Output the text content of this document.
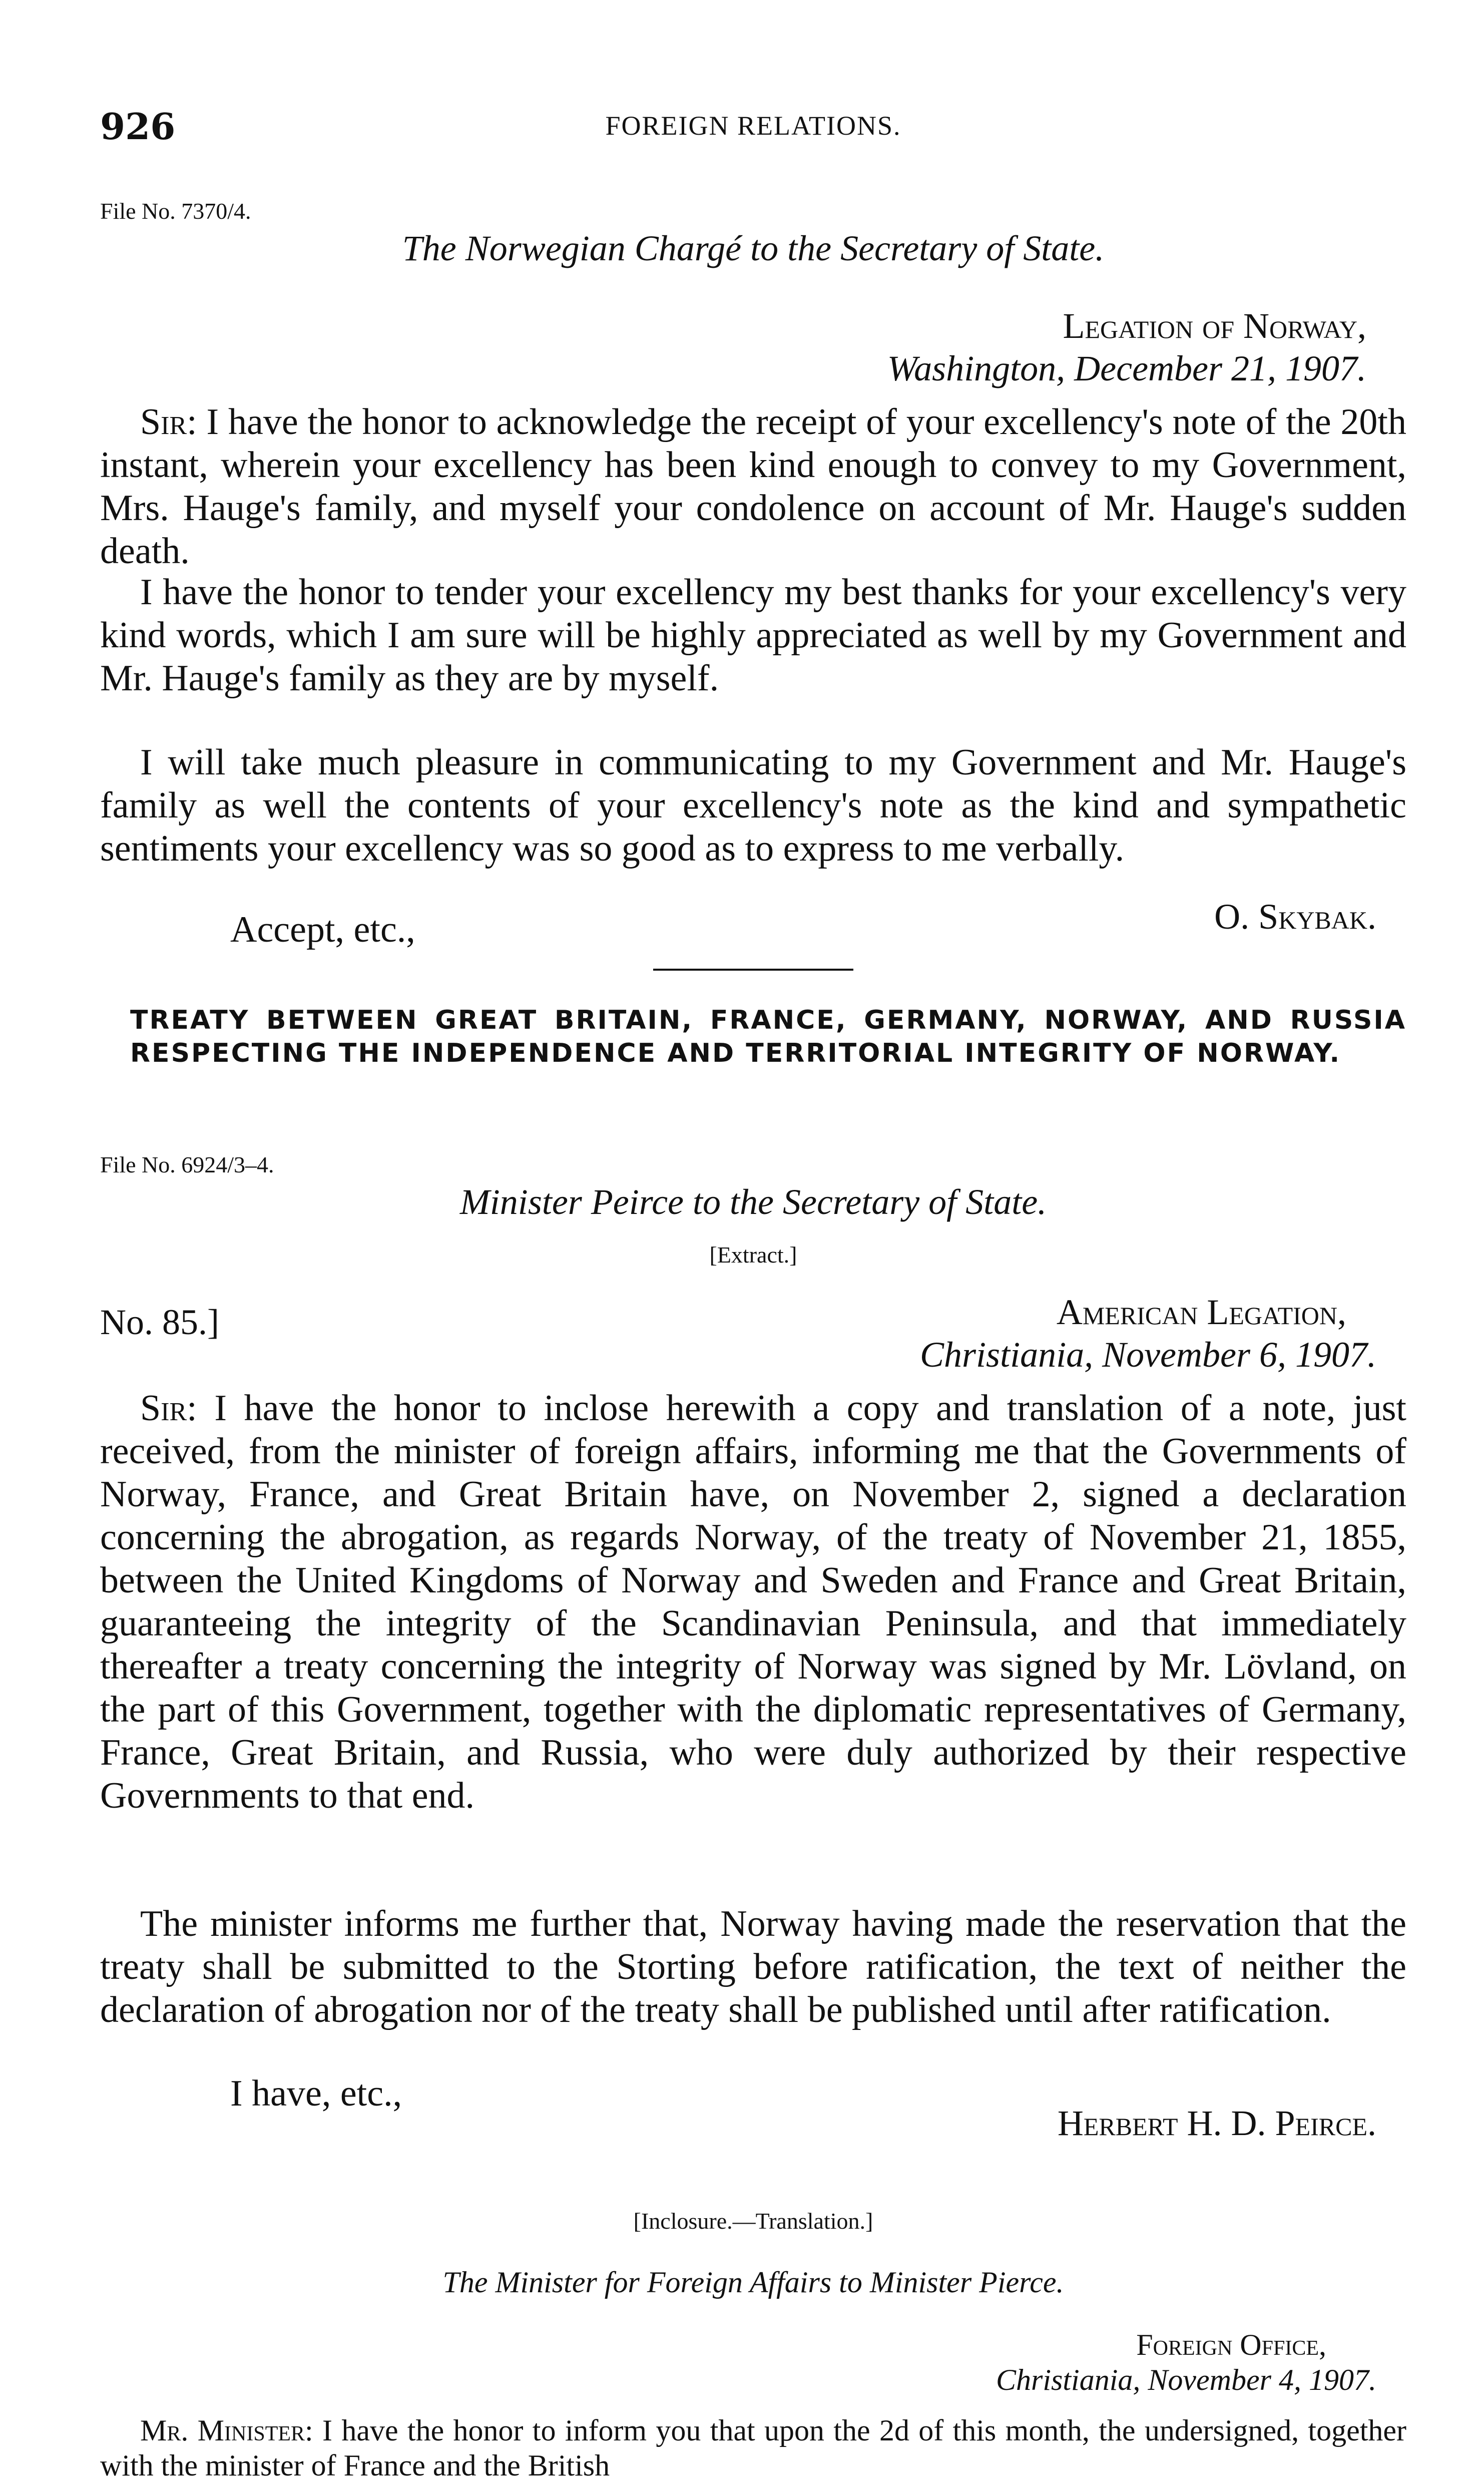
926	FOREIGN RELATIONS.
File No. 7370/4.
The Norwegian Chargé to the Secretary of State.
Legation of Norway,
Washington, December 21, 1907.

Sir: I have the honor to acknowledge the receipt of your excellency's note of the 20th instant, wherein your excellency has been kind enough to convey to my Government, Mrs. Hauge's family, and myself your condolence on account of Mr. Hauge's sudden death.

I have the honor to tender your excellency my best thanks for your excellency's very kind words, which I am sure will be highly appreciated as well by my Government and Mr. Hauge's family as they are by myself.

I will take much pleasure in communicating to my Government and Mr. Hauge's family as well the contents of your excellency's note as the kind and sympathetic sentiments your excellency was so good as to express to me verbally.

Accept, etc.,	O. Skybak.

TREATY BETWEEN GREAT BRITAIN, FRANCE, GERMANY, NORWAY, AND RUSSIA RESPECTING THE INDEPENDENCE AND TERRITORIAL INTEGRITY OF NORWAY.

File No. 6924/3–4.
Minister Peirce to the Secretary of State.
[Extract.]
No. 85.]	American Legation,
Christiania, November 6, 1907.

Sir: I have the honor to inclose herewith a copy and translation of a note, just received, from the minister of foreign affairs, informing me that the Governments of Norway, France, and Great Britain have, on November 2, signed a declaration concerning the abrogation, as regards Norway, of the treaty of November 21, 1855, between the United Kingdoms of Norway and Sweden and France and Great Britain, guaranteeing the integrity of the Scandinavian Peninsula, and that immediately thereafter a treaty concerning the integrity of Norway was signed by Mr. Lövland, on the part of this Government, together with the diplomatic representatives of Germany, France, Great Britain, and Russia, who were duly authorized by their respective Governments to that end.

The minister informs me further that, Norway having made the reservation that the treaty shall be submitted to the Storting before ratification, the text of neither the declaration of abrogation nor of the treaty shall be published until after ratification.

I have, etc.,
Herbert H. D. Peirce.
[Inclosure.—Translation.]
The Minister for Foreign Affairs to Minister Pierce.
Foreign Office,
Christiania, November 4, 1907.

Mr. Minister: I have the honor to inform you that upon the 2d of this month, the undersigned, together with the minister of France and the British
